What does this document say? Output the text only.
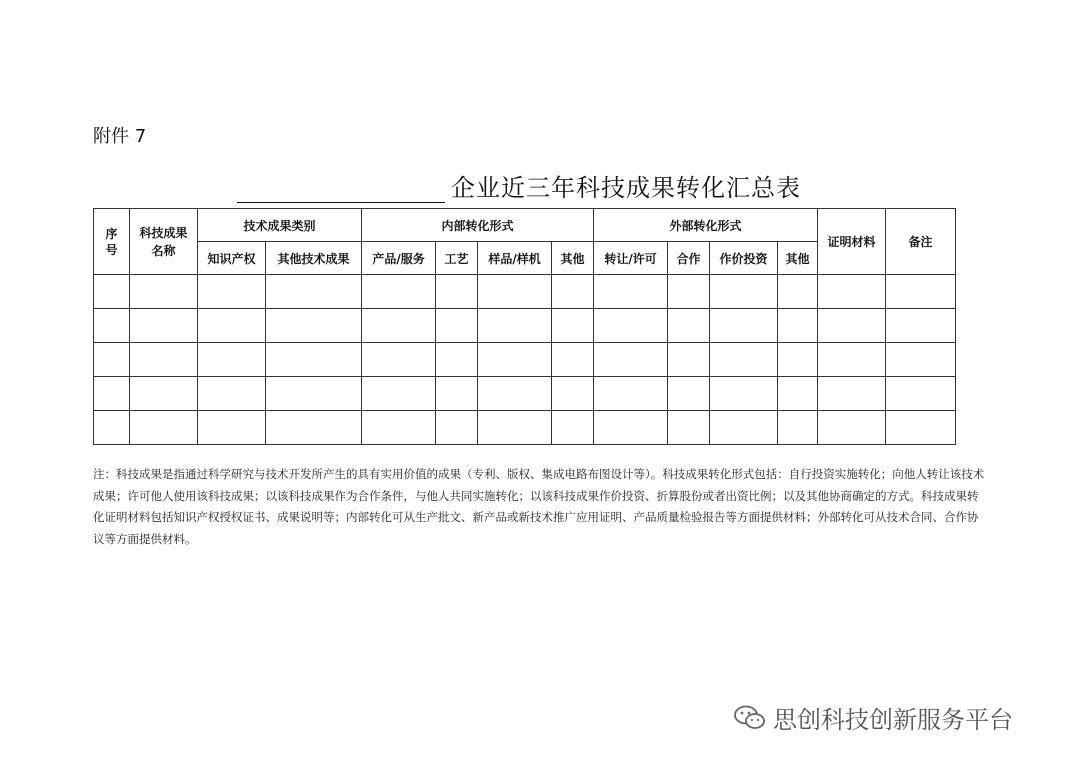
附件 7
企业近三年科技成果转化汇总表
序号	科技成果名称	技术成果类别		内部转化形式				外部转化形式				证明材料	备注
		知识产权	其他技术成果	产品/服务	工艺	样品/样机	其他	转让/许可	合作	作价投资	其他		

注：科技成果是指通过科学研究与技术开发所产生的具有实用价值的成果（专利、版权、集成电路布图设计等）。科技成果转化形式包括：自行投资实施转化；向他人转让该技术成果；许可他人使用该科技成果；以该科技成果作为合作条件，与他人共同实施转化；以该科技成果作价投资、折算股份或者出资比例；以及其他协商确定的方式。科技成果转化证明材料包括知识产权授权证书、成果说明等；内部转化可从生产批文、新产品或新技术推广应用证明、产品质量检验报告等方面提供材料；外部转化可从技术合同、合作协议等方面提供材料。

思创科技创新服务平台
